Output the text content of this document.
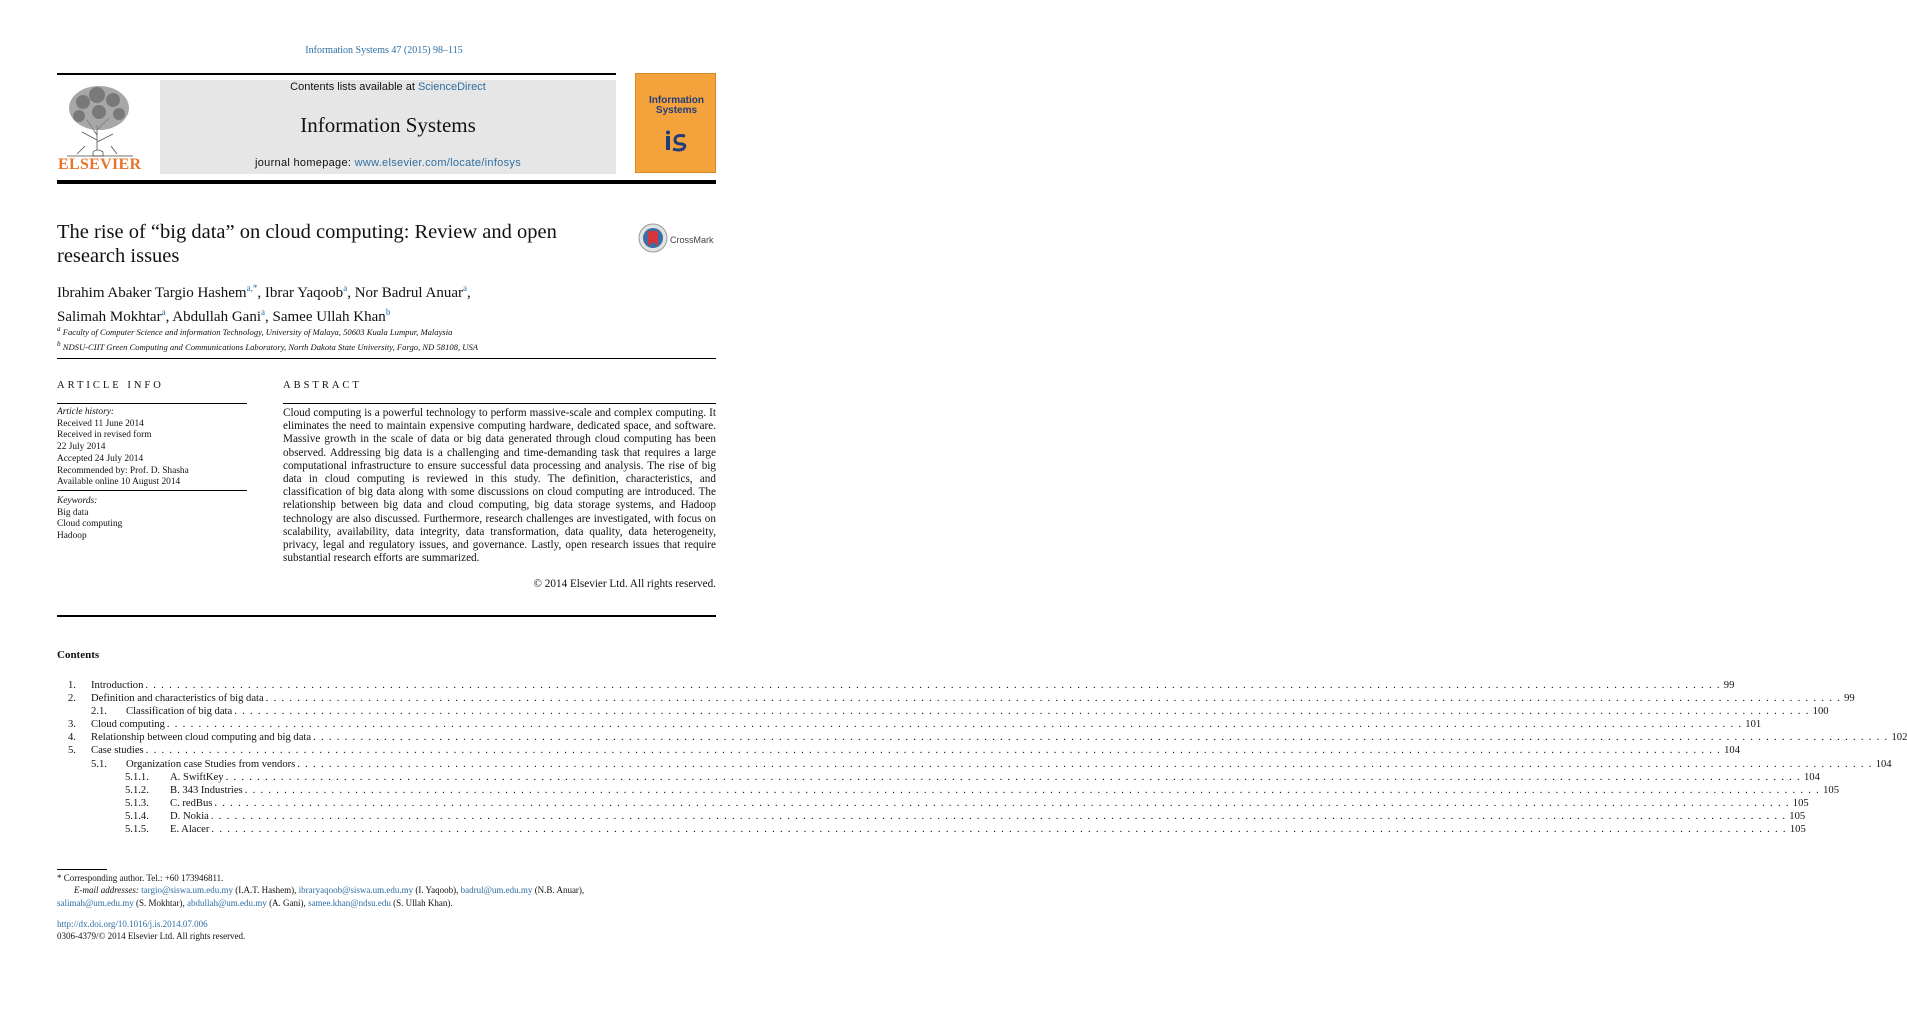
Information Systems 47 (2015) 98–115
ELSEVIER
Contents lists available at ScienceDirect
Information Systems
journal homepage: www.elsevier.com/locate/infosys
Information
Systems
The rise of “big data” on cloud computing: Review and open research issues
CrossMark
Ibrahim Abaker Targio Hashem$^{a,*}$, Ibrar Yaqoob$^a$, Nor Badrul Anuar$^a$,
Salimah Mokhtar$^a$, Abdullah Gani$^a$, Samee Ullah Khan$^b$
$^a$ Faculty of Computer Science and information Technology, University of Malaya, 50603 Kuala Lumpur, Malaysia
$^b$ NDSU-CIIT Green Computing and Communications Laboratory, North Dakota State University, Fargo, ND 58108, USA
ARTICLE INFO
Article history:
Received 11 June 2014
Received in revised form
22 July 2014
Accepted 24 July 2014
Recommended by: Prof. D. Shasha
Available online 10 August 2014
Keywords:
Big data
Cloud computing
Hadoop
ABSTRACT
Cloud computing is a powerful technology to perform massive-scale and complex computing. It eliminates the need to maintain expensive computing hardware, dedicated space, and software. Massive growth in the scale of data or big data generated through cloud computing has been observed. Addressing big data is a challenging and time-demanding task that requires a large computational infrastructure to ensure successful data processing and analysis. The rise of big data in cloud computing is reviewed in this study. The definition, characteristics, and classification of big data along with some discussions on cloud computing are introduced. The relationship between big data and cloud computing, big data storage systems, and Hadoop technology are also discussed. Furthermore, research challenges are investigated, with focus on scalability, availability, data integrity, data transformation, data quality, data heterogeneity, privacy, legal and regulatory issues, and governance. Lastly, open research issues that require substantial research efforts are summarized.
© 2014 Elsevier Ltd. All rights reserved.
Contents
1.	Introduction . . . . . . . . . . . . . . . . . . . . . . . . . . . . . . . . . . . . . . . . . . . . . . . . . . . . . . . . . . . . . . . . . . . . . . . . . . . . . . . . . . . . . . . . . . . . . . . . . . . . . . . . . . . . . . . . . . . . . . . . . . . . . . . . . . . . . . . . . . . . . . . . . . . . . . . . . . . . . . . . . . . . . . . . . . . . . . . . . . . . . . . . . . . . . . . . . . . . . . . . 99
2.	Definition and characteristics of big data . . . . . . . . . . . . . . . . . . . . . . . . . . . . . . . . . . . . . . . . . . . . . . . . . . . . . . . . . . . . . . . . . . . . . . . . . . . . . . . . . . . . . . . . . . . . . . . . . . . . . . . . . . . . . . . . . . . . . . . . . . . . . . . . . . . . . . . . . . . . . . . . . . . . . . . . . . . . . . . . . . . . . . . . . . . . . . . . . . . . . . . . . . . . . . . . . . . . . . . . 99
2.1.	Classification of big data . . . . . . . . . . . . . . . . . . . . . . . . . . . . . . . . . . . . . . . . . . . . . . . . . . . . . . . . . . . . . . . . . . . . . . . . . . . . . . . . . . . . . . . . . . . . . . . . . . . . . . . . . . . . . . . . . . . . . . . . . . . . . . . . . . . . . . . . . . . . . . . . . . . . . . . . . . . . . . . . . . . . . . . . . . . . . . . . . . . . . . . . . . . . . . . . . . . . . . . . 100
3.	Cloud computing . . . . . . . . . . . . . . . . . . . . . . . . . . . . . . . . . . . . . . . . . . . . . . . . . . . . . . . . . . . . . . . . . . . . . . . . . . . . . . . . . . . . . . . . . . . . . . . . . . . . . . . . . . . . . . . . . . . . . . . . . . . . . . . . . . . . . . . . . . . . . . . . . . . . . . . . . . . . . . . . . . . . . . . . . . . . . . . . . . . . . . . . . . . . . . . . . . . . . . . . 101
4.	Relationship between cloud computing and big data . . . . . . . . . . . . . . . . . . . . . . . . . . . . . . . . . . . . . . . . . . . . . . . . . . . . . . . . . . . . . . . . . . . . . . . . . . . . . . . . . . . . . . . . . . . . . . . . . . . . . . . . . . . . . . . . . . . . . . . . . . . . . . . . . . . . . . . . . . . . . . . . . . . . . . . . . . . . . . . . . . . . . . . . . . . . . . . . . . . . . . . . . . . . . . . . . . . . . . . . 102
5.	Case studies . . . . . . . . . . . . . . . . . . . . . . . . . . . . . . . . . . . . . . . . . . . . . . . . . . . . . . . . . . . . . . . . . . . . . . . . . . . . . . . . . . . . . . . . . . . . . . . . . . . . . . . . . . . . . . . . . . . . . . . . . . . . . . . . . . . . . . . . . . . . . . . . . . . . . . . . . . . . . . . . . . . . . . . . . . . . . . . . . . . . . . . . . . . . . . . . . . . . . . . . 104
5.1.	Organization case Studies from vendors . . . . . . . . . . . . . . . . . . . . . . . . . . . . . . . . . . . . . . . . . . . . . . . . . . . . . . . . . . . . . . . . . . . . . . . . . . . . . . . . . . . . . . . . . . . . . . . . . . . . . . . . . . . . . . . . . . . . . . . . . . . . . . . . . . . . . . . . . . . . . . . . . . . . . . . . . . . . . . . . . . . . . . . . . . . . . . . . . . . . . . . . . . . . . . . . . . . . . . . . 104
5.1.1.	A. SwiftKey . . . . . . . . . . . . . . . . . . . . . . . . . . . . . . . . . . . . . . . . . . . . . . . . . . . . . . . . . . . . . . . . . . . . . . . . . . . . . . . . . . . . . . . . . . . . . . . . . . . . . . . . . . . . . . . . . . . . . . . . . . . . . . . . . . . . . . . . . . . . . . . . . . . . . . . . . . . . . . . . . . . . . . . . . . . . . . . . . . . . . . . . . . . . . . . . . . . . . . . . 104
5.1.2.	B. 343 Industries . . . . . . . . . . . . . . . . . . . . . . . . . . . . . . . . . . . . . . . . . . . . . . . . . . . . . . . . . . . . . . . . . . . . . . . . . . . . . . . . . . . . . . . . . . . . . . . . . . . . . . . . . . . . . . . . . . . . . . . . . . . . . . . . . . . . . . . . . . . . . . . . . . . . . . . . . . . . . . . . . . . . . . . . . . . . . . . . . . . . . . . . . . . . . . . . . . . . . . . . 105
5.1.3.	C. redBus . . . . . . . . . . . . . . . . . . . . . . . . . . . . . . . . . . . . . . . . . . . . . . . . . . . . . . . . . . . . . . . . . . . . . . . . . . . . . . . . . . . . . . . . . . . . . . . . . . . . . . . . . . . . . . . . . . . . . . . . . . . . . . . . . . . . . . . . . . . . . . . . . . . . . . . . . . . . . . . . . . . . . . . . . . . . . . . . . . . . . . . . . . . . . . . . . . . . . . . . 105
5.1.4.	D. Nokia . . . . . . . . . . . . . . . . . . . . . . . . . . . . . . . . . . . . . . . . . . . . . . . . . . . . . . . . . . . . . . . . . . . . . . . . . . . . . . . . . . . . . . . . . . . . . . . . . . . . . . . . . . . . . . . . . . . . . . . . . . . . . . . . . . . . . . . . . . . . . . . . . . . . . . . . . . . . . . . . . . . . . . . . . . . . . . . . . . . . . . . . . . . . . . . . . . . . . . . . 105
5.1.5.	E. Alacer . . . . . . . . . . . . . . . . . . . . . . . . . . . . . . . . . . . . . . . . . . . . . . . . . . . . . . . . . . . . . . . . . . . . . . . . . . . . . . . . . . . . . . . . . . . . . . . . . . . . . . . . . . . . . . . . . . . . . . . . . . . . . . . . . . . . . . . . . . . . . . . . . . . . . . . . . . . . . . . . . . . . . . . . . . . . . . . . . . . . . . . . . . . . . . . . . . . . . . . . 105
* Corresponding author. Tel.: +60 173946811.
E-mail addresses: targio@siswa.um.edu.my (I.A.T. Hashem), ibraryaqoob@siswa.um.edu.my (I. Yaqoob), badrul@um.edu.my (N.B. Anuar),
salimah@um.edu.my (S. Mokhtar), abdullah@um.edu.my (A. Gani), samee.khan@ndsu.edu (S. Ullah Khan).
http://dx.doi.org/10.1016/j.is.2014.07.006
0306-4379/© 2014 Elsevier Ltd. All rights reserved.
